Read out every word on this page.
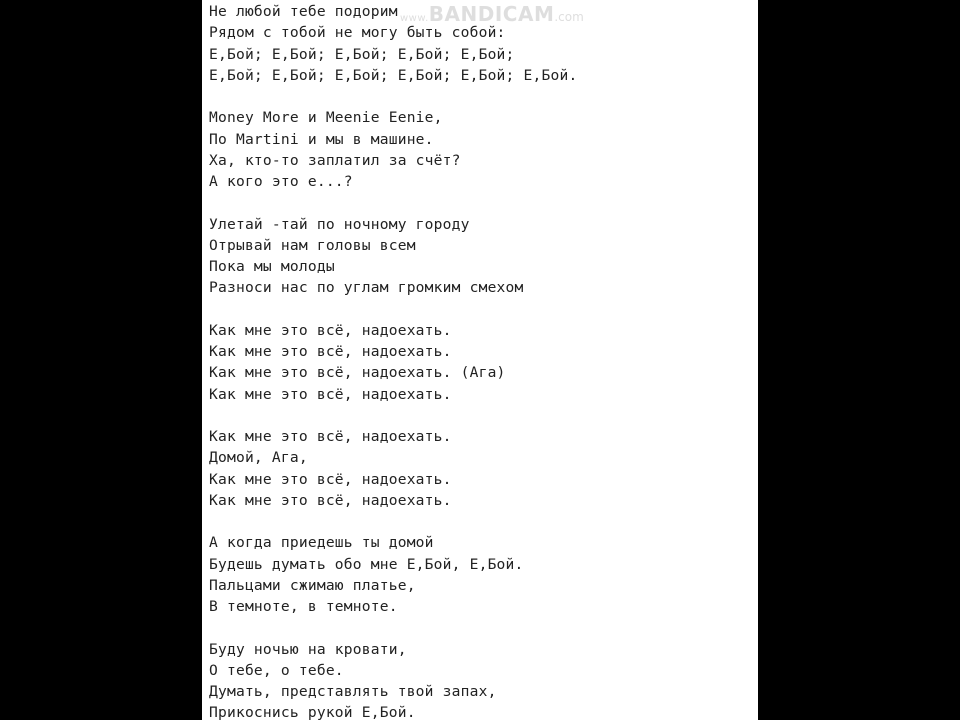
Не любой тебе подорим
Рядом с тобой не могу быть собой:
Е,Бой; Е,Бой; Е,Бой; Е,Бой; Е,Бой;
Е,Бой; Е,Бой; Е,Бой; Е,Бой; Е,Бой; Е,Бой.
Money More и Meenie Eenie,
По Martini и мы в машине.
Ха, кто-то заплатил за счёт?
А кого это е...?
Улетай -тай по ночному городу
Отрывай нам головы всем
Пока мы молоды
Разноси нас по углам громким смехом
Как мне это всё, надоехать.
Как мне это всё, надоехать.
Как мне это всё, надоехать. (Ага)
Как мне это всё, надоехать.
Как мне это всё, надоехать.
Домой, Ага,
Как мне это всё, надоехать.
Как мне это всё, надоехать.
А когда приедешь ты домой
Будешь думать обо мне Е,Бой, Е,Бой.
Пальцами сжимаю платье,
В темноте, в темноте.
Буду ночью на кровати,
О тебе, о тебе.
Думать, представлять твой запах,
Прикоснись рукой Е,Бой.
www.BANDICAM.com
